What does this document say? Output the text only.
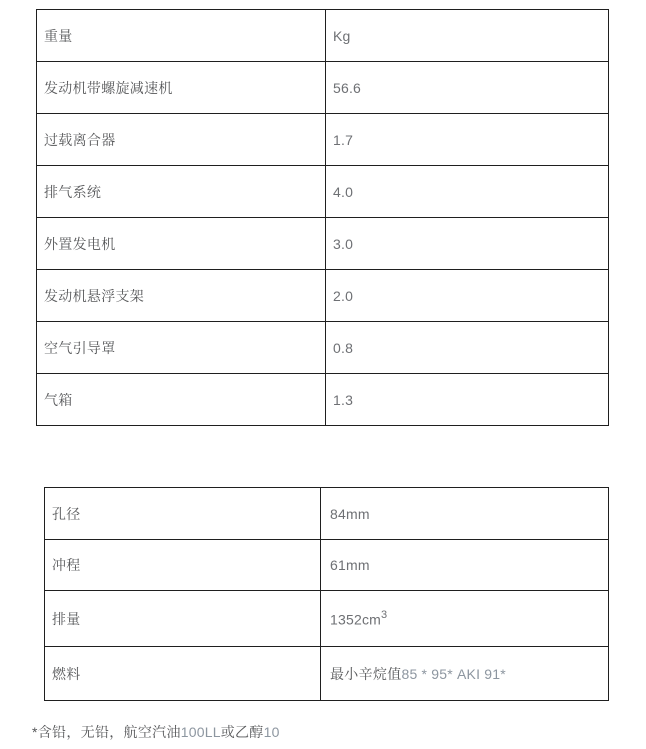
重量	Kg
发动机带螺旋减速机	56.6
过载离合器	1.7
排气系统	4.0
外置发电机	3.0
发动机悬浮支架	2.0
空气引导罩	0.8
气箱	1.3
孔径	84mm
冲程	61mm
排量	$1352cm^3$
燃料	最小辛烷值85 * 95* AKI 91*
*含铅，无铅，航空汽油100LL或乙醇10
